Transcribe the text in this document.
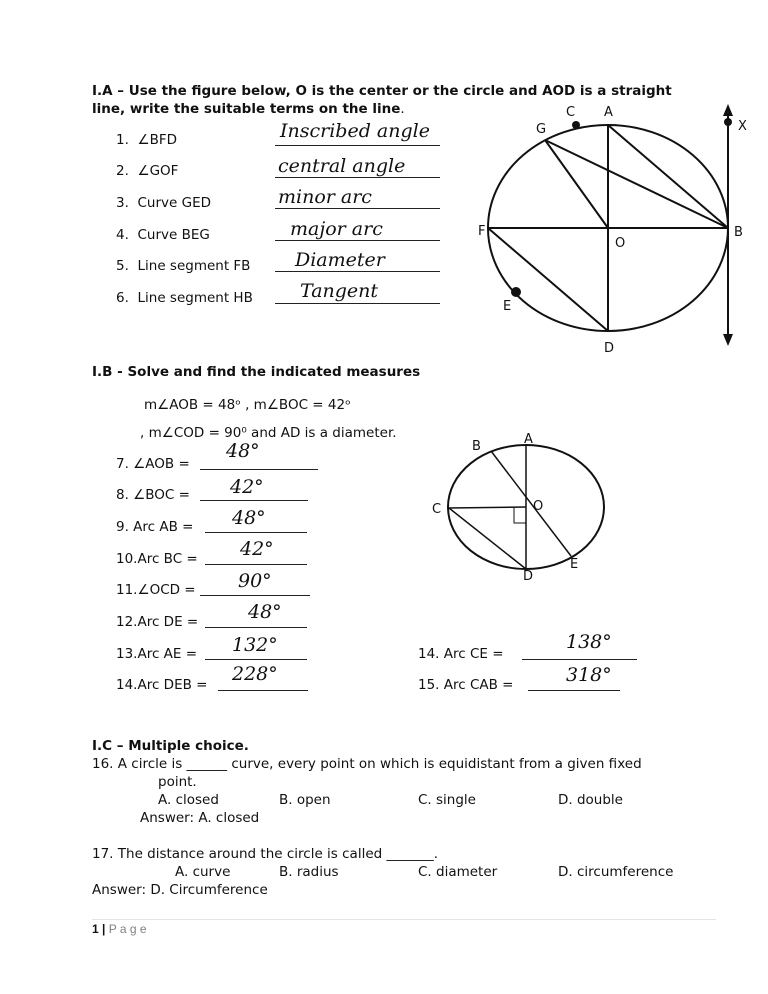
I.A – Use the figure below, O is the center or the circle and AOD is a straight
line, write the suitable terms on the line.
1. ∠BFD	Inscribed angle
2. ∠GOF	central angle
3. Curve GED	minor arc
4. Curve BEG	major arc
5. Line segment FB Diameter
6. Line segment HB Tangent
C A
X
G
F
O
B
E
D
I.B - Solve and find the indicated measures
m∠AOB = 48ᵒ , m∠BOC = 42ᵒ
, m∠COD = 90⁰ and AD is a diameter.
7. ∠AOB =
48°
8. ∠BOC = 42°
9. Arc AB = 48°
10.Arc BC = 42°
11.∠OCD = 90°
12.Arc DE =	48°
13.Arc AE = 132°
14.Arc DEB = 228°
14. Arc CE =
138°
15. Arc CAB =	318°
B	A
C	O
D
E
I.C – Multiple choice.
16. A circle is ______ curve, every point on which is equidistant from a given fixed
point.
A. closed	B. open	C. single	D. double
Answer: A. closed
17. The distance around the circle is called _______.
A. curve	B. radius	C. diameter	D. circumference
Answer: D. Circumference
1 | P a g e
